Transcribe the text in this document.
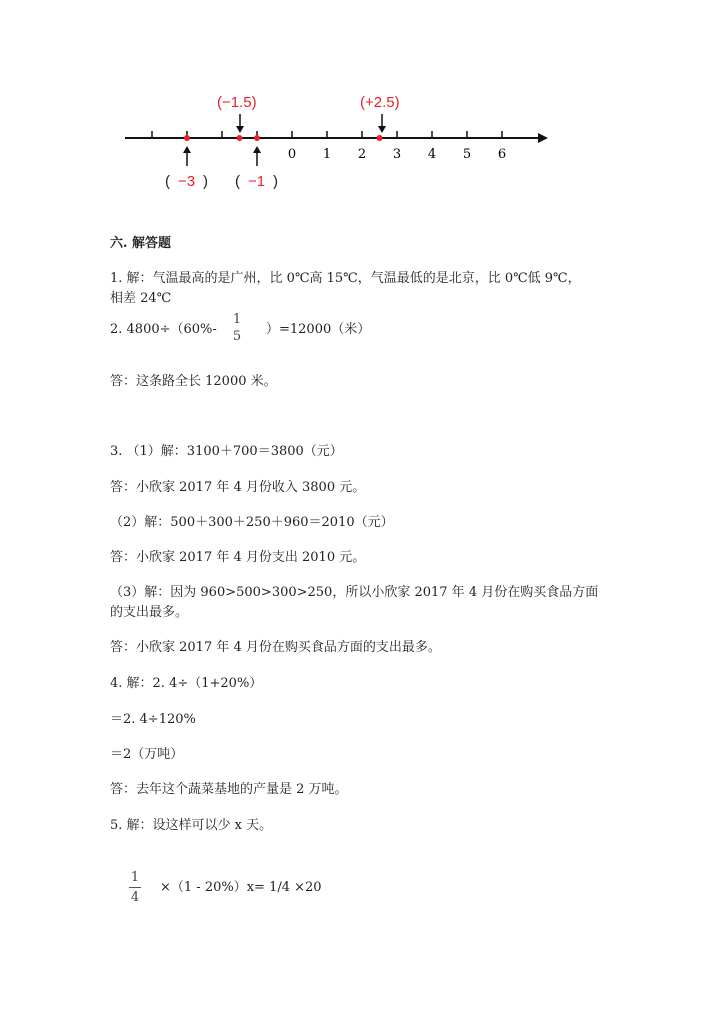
0 1 2 3 4 5 6
(−1.5)	(+2.5)
( −3 ) ( −1 )
六. 解答题
1. 解：气温最高的是广州，比 0℃高 15℃，气温最低的是北京，比 0℃低 9℃，
相差 24℃
2. 4800÷（60%-
1
5 ）=12000（米）
答：这条路全长 12000 米。
3. （1）解：3100＋700＝3800（元）
答：小欣家 2017 年 4 月份收入 3800 元。
（2）解：500＋300＋250＋960＝2010（元）
答：小欣家 2017 年 4 月份支出 2010 元。
（3）解：因为 960>500>300>250，所以小欣家 2017 年 4 月份在购买食品方面
的支出最多。
答：小欣家 2017 年 4 月份在购买食品方面的支出最多。
4. 解：2. 4÷（1+20%）
＝2. 4÷120%
＝2（万吨）
答：去年这个蔬菜基地的产量是 2 万吨。
5. 解：设这样可以少 x 天。
1
4
×（1 - 20%）x= 1/4 ×20
